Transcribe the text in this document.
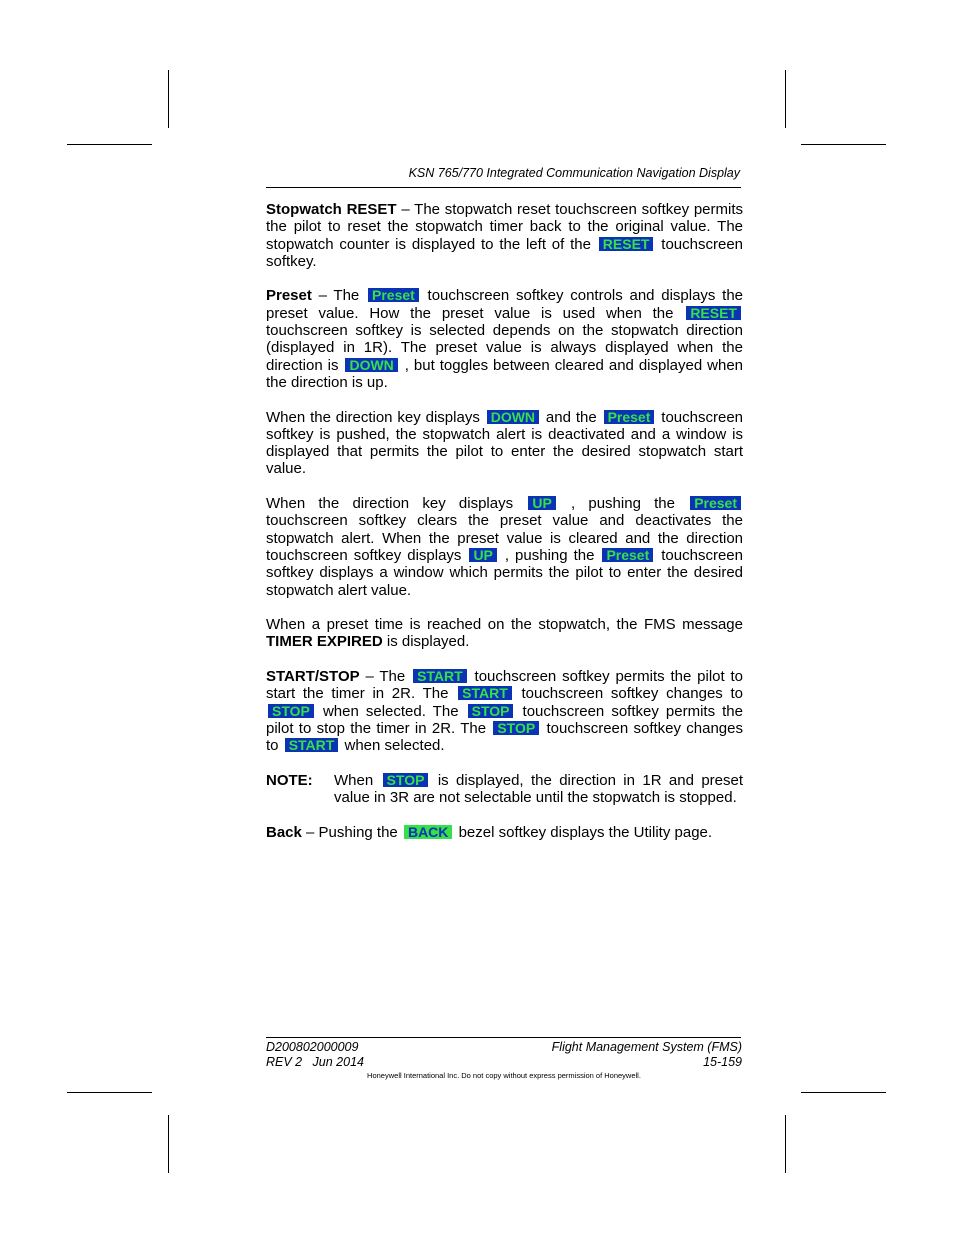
KSN 765/770 Integrated Communication Navigation Display

Stopwatch RESET – The stopwatch reset touchscreen softkey permits the pilot to reset the stopwatch timer back to the original value. The stopwatch counter is displayed to the left of the RESET touchscreen softkey.

Preset – The Preset touchscreen softkey controls and displays the preset value. How the preset value is used when the RESET touchscreen softkey is selected depends on the stopwatch direction (displayed in 1R). The preset value is always displayed when the direction is DOWN , but toggles between cleared and displayed when the direction is up.

When the direction key displays DOWN and the Preset touchscreen softkey is pushed, the stopwatch alert is deactivated and a window is displayed that permits the pilot to enter the desired stopwatch start value.

When the direction key displays UP , pushing the Preset touchscreen softkey clears the preset value and deactivates the stopwatch alert. When the preset value is cleared and the direction touchscreen softkey displays UP , pushing the Preset touchscreen softkey displays a window which permits the pilot to enter the desired stopwatch alert value.

When a preset time is reached on the stopwatch, the FMS message TIMER EXPIRED is displayed.

START/STOP – The START touchscreen softkey permits the pilot to start the timer in 2R. The START touchscreen softkey changes to STOP when selected. The STOP touchscreen softkey permits the pilot to stop the timer in 2R. The STOP touchscreen softkey changes to START when selected.

NOTE:	When STOP is displayed, the direction in 1R and preset value in 3R are not selectable until the stopwatch is stopped.

Back – Pushing the BACK bezel softkey displays the Utility page.

D200802000009
REV 2   Jun 2014
Flight Management System (FMS)
15-159
Honeywell International Inc. Do not copy without express permission of Honeywell.
